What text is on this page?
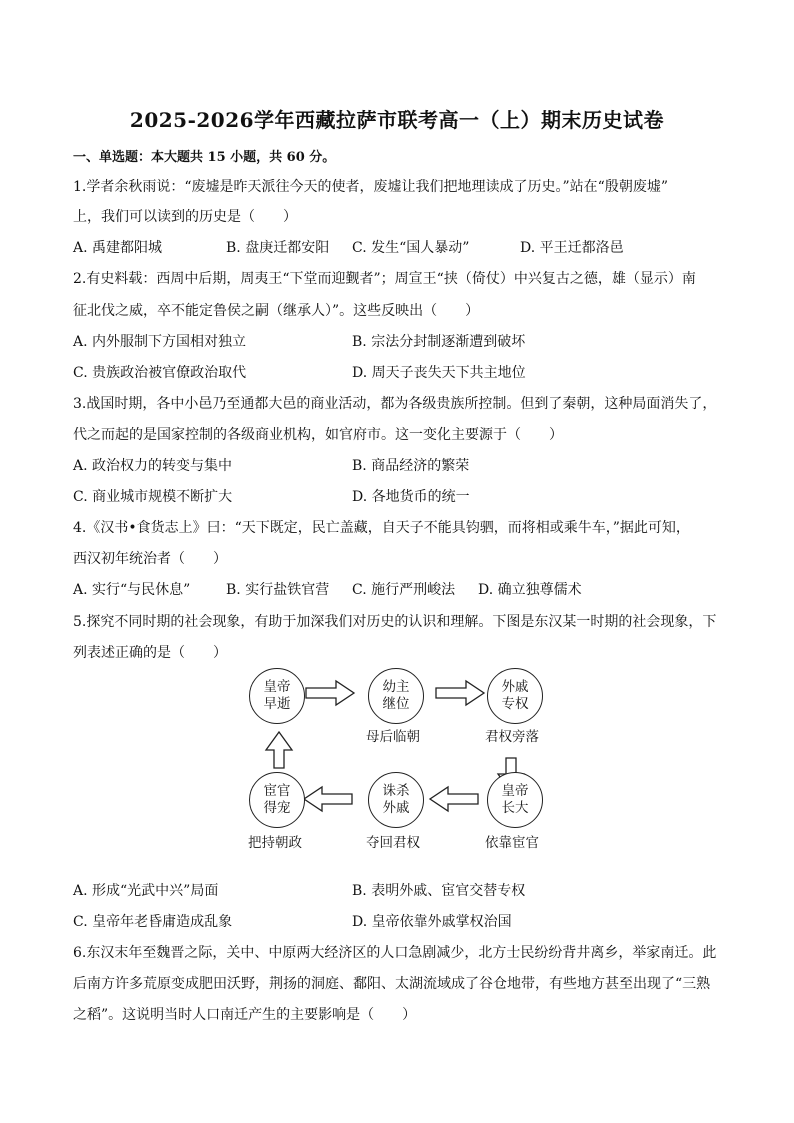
2025-2026学年西藏拉萨市联考高一（上）期末历史试卷
一、单选题：本大题共 15 小题，共 60 分。
1.学者余秋雨说：“废墟是昨天派往今天的使者，废墟让我们把地理读成了历史。”站在“殷朝废墟”
上，我们可以读到的历史是（　　）
A. 禹建都阳城	B. 盘庚迁都安阳 C. 发生“国人暴动”	D. 平王迁都洛邑
2.有史料载：西周中后期，周夷王“下堂而迎觐者”；周宣王“挟（倚仗）中兴复古之德，雄（显示）南
征北伐之威，卒不能定鲁侯之嗣（继承人）”。这些反映出（　　）
A. 内外服制下方国相对独立	B. 宗法分封制逐渐遭到破坏
C. 贵族政治被官僚政治取代	D. 周天子丧失天下共主地位
3.战国时期，各中小邑乃至通都大邑的商业活动，都为各级贵族所控制。但到了秦朝，这种局面消失了，
代之而起的是国家控制的各级商业机构，如官府市。这一变化主要源于（　　）
A. 政治权力的转变与集中	B. 商品经济的繁荣
C. 商业城市规模不断扩大	D. 各地货币的统一
4.《汉书•食货志上》曰：“天下既定，民亡盖藏，自天子不能具钧驷，而将相或乘牛车，”据此可知，
西汉初年统治者（　　）
A. 实行“与民休息”	B. 实行盐铁官营 C. 施行严刑峻法 D. 确立独尊儒术
5.探究不同时期的社会现象，有助于加深我们对历史的认识和理解。下图是东汉某一时期的社会现象，下
列表述正确的是（　　）
皇帝
早逝
幼主
继位
外戚
专权
皇帝
长大
诛杀
外戚
宦官
得宠
母后临朝	君权旁落
依靠宦官
夺回君权
把持朝政
A. 形成“光武中兴”局面	B. 表明外戚、宦官交替专权
C. 皇帝年老昏庸造成乱象	D. 皇帝依靠外戚掌权治国
6.东汉末年至魏晋之际，关中、中原两大经济区的人口急剧减少，北方士民纷纷背井离乡，举家南迁。此
后南方许多荒原变成肥田沃野，荆扬的洞庭、鄱阳、太湖流域成了谷仓地带，有些地方甚至出现了“三熟
之稻”。这说明当时人口南迁产生的主要影响是（　　）
